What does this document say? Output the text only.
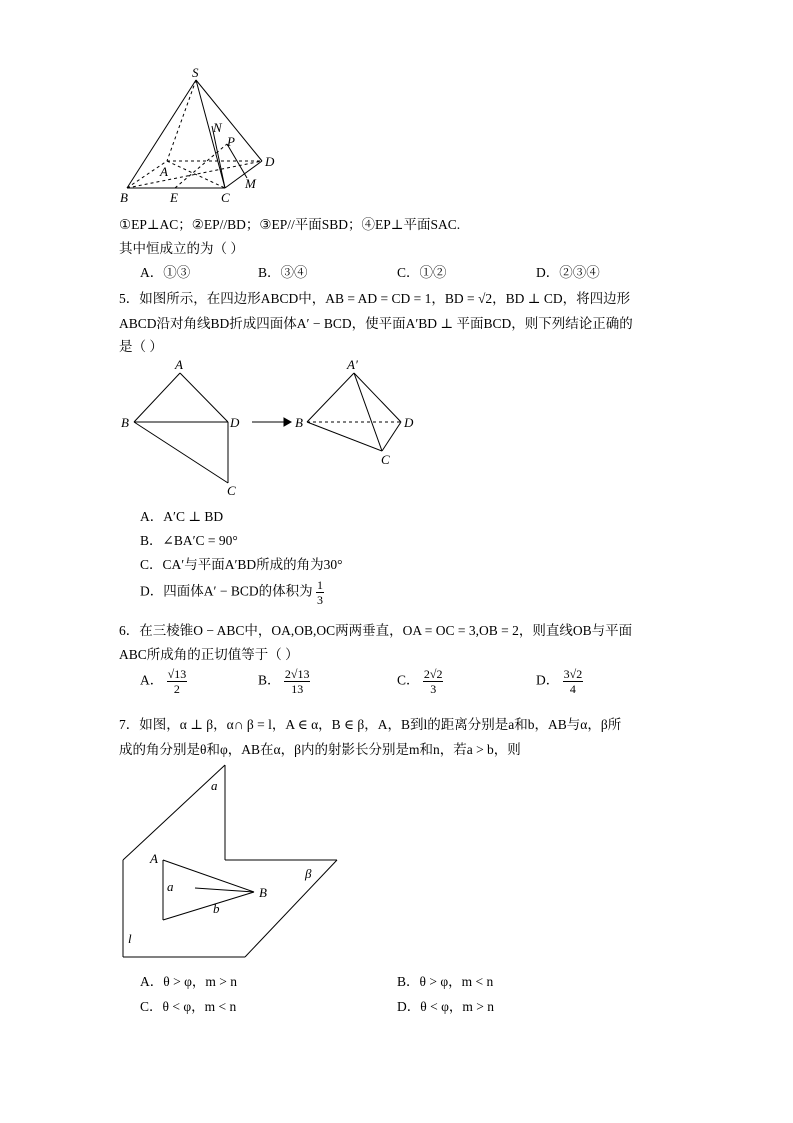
S
N
P
A
D
M
B	E	C
①EP⊥AC；②EP//BD；③EP//平面SBD；④EP⊥平面SAC.
其中恒成立的为（ ）
A．①③	B．③④	C．①②	D．②③④
5．如图所示，在四边形ABCD中，AB = AD = CD = 1，BD = √2，BD ⊥ CD，将四边形
ABCD沿对角线BD折成四面体A′ − BCD，使平面A′BD ⊥ 平面BCD，则下列结论正确的
是（ ）
A
B	D
C
A′
B	D
C
A．A′C ⊥ BD
B．∠BA′C = 90°
C．CA′与平面A′BD所成的角为30°
D．四面体A′ − BCD的体积为 $\frac{1}{3}$
6．在三棱锥O − ABC中，OA,OB,OC两两垂直，OA = OC = 3,OB = 2，则直线OB与平面
ABC所成角的正切值等于（ ）
A． $\frac{√13}{2}$	B． $\frac{2√13}{13}$	C． $\frac{2√2}{3}$	D． $\frac{3√2}{4}$
7．如图，α ⊥ β，α∩ β = l，A ∈ α，B ∈ β，A，B到l的距离分别是a和b，AB与α，β所
成的角分别是θ和φ，AB在α，β内的射影长分别是m和n，若a > b，则
a
A
a	B
b
β
l
A．θ > φ，m > n	B．θ > φ，m < n
C．θ < φ，m < n	D．θ < φ，m > n
